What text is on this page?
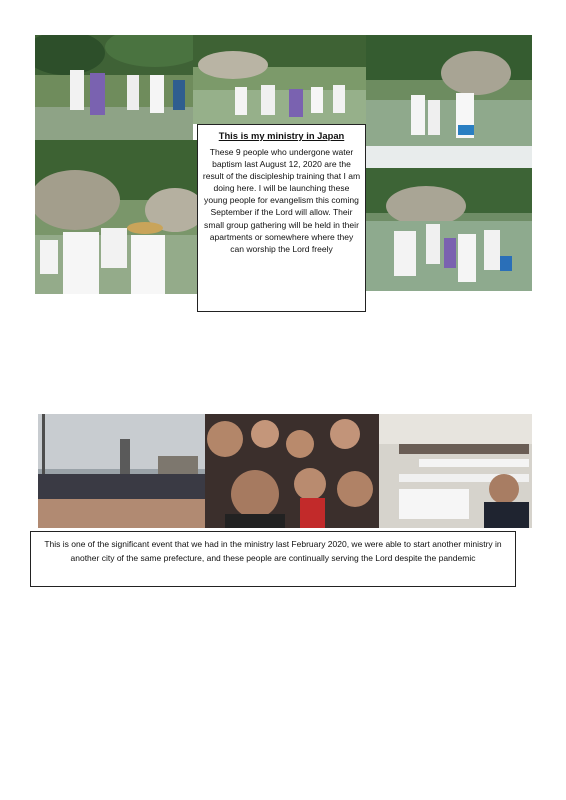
This is my ministry in Japan
These 9 people who undergone water baptism last August 12, 2020 are the result of the discipleship training that I am doing here. I will be launching these young people for evangelism this coming September if the Lord will allow. Their small group gathering will be held in their apartments or somewhere where they can worship the Lord freely
This is one of the significant event that we had in the ministry last February 2020, we were able to start another ministry in another city of the same prefecture, and these people are continually serving the Lord despite the pandemic
